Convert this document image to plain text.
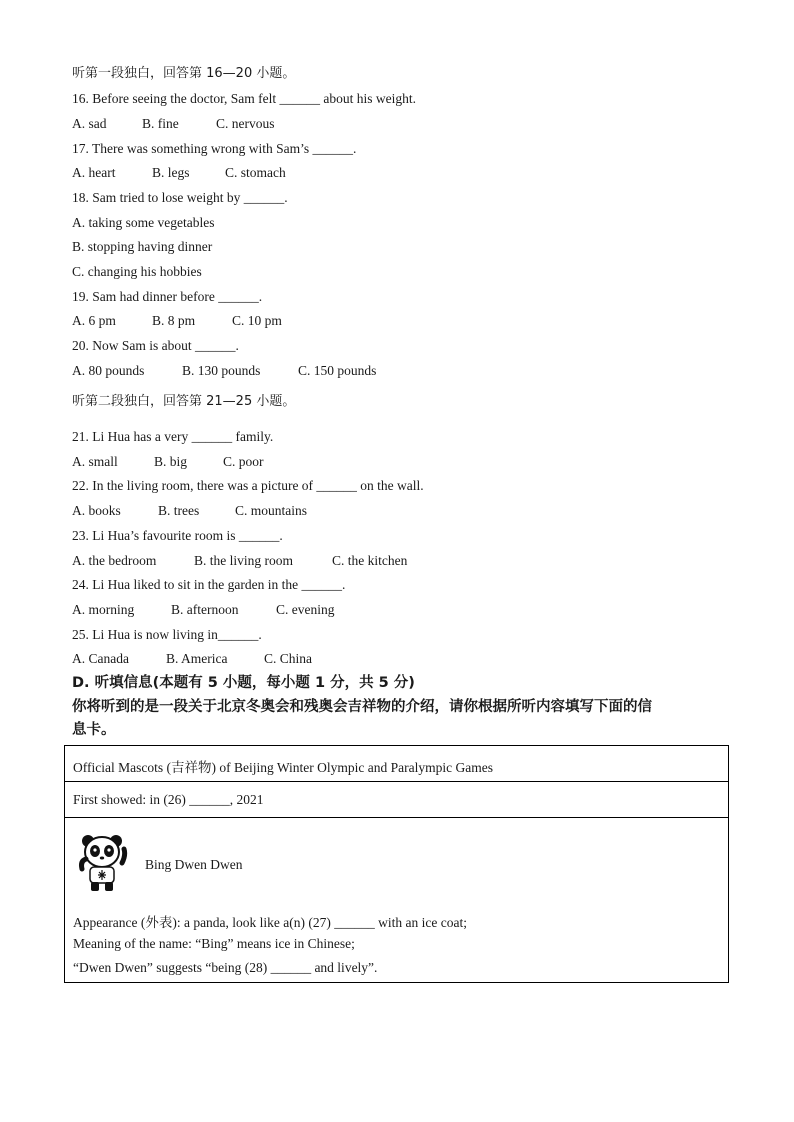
听第一段独白，回答第 16—20 小题。
16. Before seeing the doctor, Sam felt ______ about his weight.
A. sad	B. fine	C. nervous
17. There was something wrong with Sam’s ______.
A. heart	B. legs	C. stomach
18. Sam tried to lose weight by ______.
A. taking some vegetables
B. stopping having dinner
C. changing his hobbies
19. Sam had dinner before ______.
A. 6 pm	B. 8 pm	C. 10 pm
20. Now Sam is about ______.
A. 80 pounds	B. 130 pounds	C. 150 pounds
听第二段独白，回答第 21—25 小题。
21. Li Hua has a very ______ family.
A. small	B. big	C. poor
22. In the living room, there was a picture of ______ on the wall.
A. books	B. trees	C. mountains
23. Li Hua’s favourite room is ______.
A. the bedroom	B. the living room	C. the kitchen
24. Li Hua liked to sit in the garden in the ______.
A. morning	B. afternoon	C. evening
25. Li Hua is now living in______.
A. Canada	B. America	C. China
D. 听填信息(本题有 5 小题，每小题 1 分，共 5 分)
你将听到的是一段关于北京冬奥会和残奥会吉祥物的介绍，请你根据所听内容填写下面的信
息卡。
Official Mascots (吉祥物) of Beijing Winter Olympic and Paralympic Games
First showed: in (26) ______, 2021
Bing Dwen Dwen
Appearance (外表): a panda, look like a(n) (27) ______ with an ice coat;
Meaning of the name: “Bing” means ice in Chinese;
“Dwen Dwen” suggests “being (28) ______ and lively”.
